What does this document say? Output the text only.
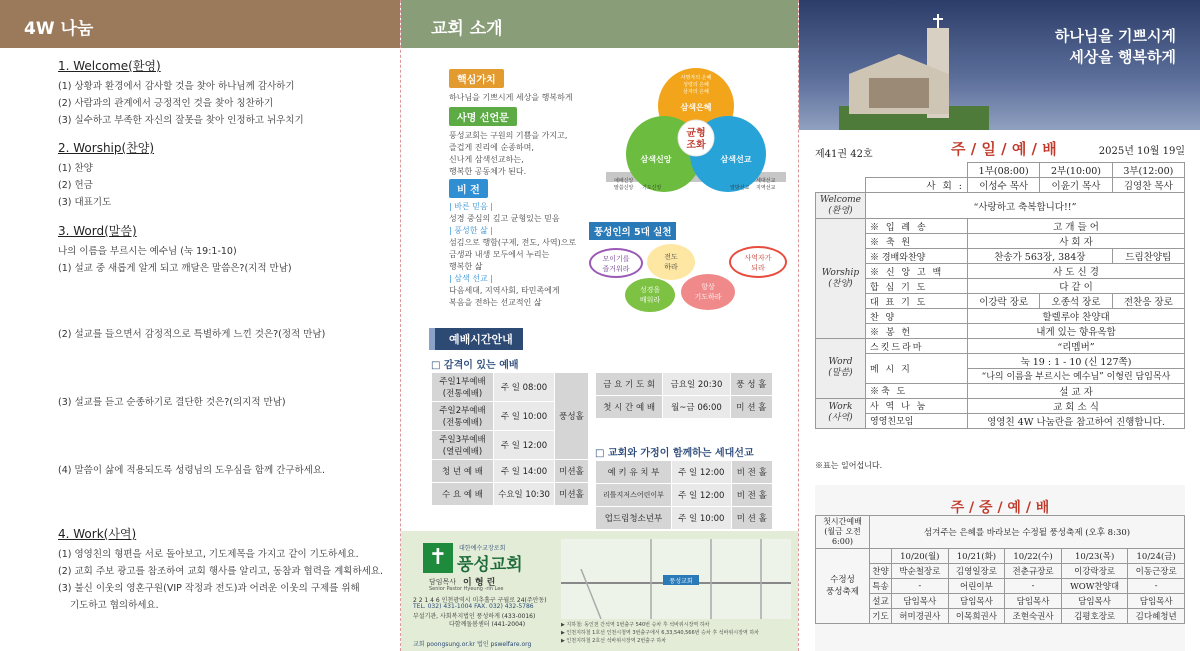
4W 나눔
1. Welcome(환영)
(1) 상황과 환경에서 감사할 것을 찾아 하나님께 감사하기
(2) 사람과의 관계에서 긍정적인 것을 찾아 칭찬하기
(3) 실수하고 부족한 자신의 잘못을 찾아 인정하고 뉘우치기
2. Worship(찬양)
(1) 찬양
(2) 헌금
(3) 대표기도
3. Word(말씀)
나의 이름을 부르시는 예수님 (눅 19:1-10)
(1) 설교 중 새롭게 알게 되고 깨달은 말씀은?(지적 만남)
(2) 설교를 들으면서 감정적으로 특별하게 느낀 것은?(정적 만남)
(3) 설교를 듣고 순종하기로 결단한 것은?(의지적 만남)
(4) 말씀이 삶에 적용되도록 성령님의 도우심을 함께 간구하세요.
4. Work(사역)
(1) 영영친의 형편을 서로 돌아보고, 기도제목을 가지고 같이 기도하세요.
(2) 교회 주보 광고를 참조하여 교회 행사를 알리고, 동참과 협력을 계획하세요.
(3) 불신 이웃의 영혼구원(VIP 작정과 전도)과 어려운 이웃의 구제를 위해
기도하고 협의하세요.
교회 소개
핵심가치
하나님을 기쁘시게 세상을 행복하게
사명 선언문
풍성교회는 구원의 기쁨을 가지고,
즐겁게 진리에 순종하며,
신나게 삼색선교하는,
행복한 공동체가 된다.
비 전
| 바른 믿음 |
성경 중심의 깊고 균형있는 믿음
| 풍성한 삶 |
섬김으로 행함(구제, 전도, 사역)으로
금생과 내생 모두에서 누리는
행복한 삶
| 삼색 선교 |
다음세대, 지역사회, 타민족에게
복음을 전하는 선교적인 삶
균형
조화
삼색은혜
삼색신앙	삼색선교
성령의 은혜
삼자의 은혜
사명자의 은혜
예배신앙
말씀신앙 기도신앙
세대선교
지역선교
열방선교
풍성인의 5대 실천
모이기를
즐거워라
전도
하라
사역자가
되라
성경을
배워라
항상
기도하라
예배시간안내
□ 감격이 있는 예배
주일1부예배
(전통예배)	주 일 08:00	풍성홀

주일2부예배
(전통예배)	주 일 10:00	

주일3부예배
(열린예배)	주 일 12:00	
청 년 예 배	주 일 14:00	미션홀
수 요 예 배	수요일 10:30	미션홀
금 요 기 도 회	금요일 20:30	풍 성 홀
첫 시 간 예 배	월~금 06:00	미 션 홀
□ 교회와 가정이 함께하는 세대선교
예 키 유 치 부	주 일 12:00	비 전 홀
리틀지저스어린이부	주 일 12:00	비 전 홀
업드림청소년부	주 일 10:00	미 션 홀
✝	대한예수교장로회
풍성교회
담임목사 이 형 린
Senior Pastor Hyeung -rin Lee
2 2 1 4 6 인천광역시 미추홀구 구월로 24(주안동)
TEL. 032) 431-1004 FAX. 032) 432-5786
부설기관, 사회복지법인 풍성하게 (433-0016)
다함께돌봄센터 (441-2004)
교회 poongsung.or.kr 법인 pswelfare.org
풍성교회
▶ 지하철: 동인천 간석역 1번출구 540번 승차 후 석바위시장역 하차
▶ 인천지하철 1호선 인천시청역 3번출구에서 6,33,540,566번 승차 후 석바위시장역 하차
▶ 인천지하철 2호선 석바위시장역 2번출구 하차
하나님을 기쁘시게
세상을 행복하게
제41권 42호	주 / 일 / 예 / 배	2025년 10월 19일
		1부(08:00)	2부(10:00)	3부(12:00)
	사 회 :	이성수 목사	이윤기 목사	김영찬 목사
Welcome
(환영)	“사랑하고 축복합니다!!”			
Worship
(찬양)	※ 입 례 송	고 개 들 어		
	※ 축 원	사 회 자		
	※ 경배와찬양	찬송가 563장, 384장		드림찬양팀
	※ 신 앙 고 백	사 도 신 경		
	합 심 기 도	다 같 이		
	대 표 기 도	이강락 장로	오종석 장로	전찬응 장로
	찬 양	할렐루야 찬양대		
	※ 봉 헌	내게 있는 향유옥합		
Word
(말씀)	스킷드라마	“리멤버”		
	메 시 지	눅 19 : 1 - 10 (신 127쪽)		
		“나의 이름을 부르시는 예수님” 이형린 담임목사		
	※축 도	설 교 자		
Work
(사역)	사 역 나 눔	교 회 소 식		
	영영친모임	영영친 4W 나눔란을 참고하여 진행합니다.		
※표는 일어섭니다.
주 / 중 / 예 / 배
첫시간예배
(월금 오전6:00)	섬겨주는 은혜를 바라보는 수정될 풍성축제 (오후 8:30)					
수정성
풍성축제		10/20(월)	10/21(화)	10/22(수)	10/23(목)	10/24(금)
	찬양	박순철장로	김영일장로	전춘규장로	이강락장로	이동근장로
	특송	-	어린이부	-	WOW찬양대	-
	설교	담임목사	담임목사	담임목사	담임목사	담임목사
	기도	허미경권사	이목희권사	조현숙권사	김평호장로	김다혜청년
